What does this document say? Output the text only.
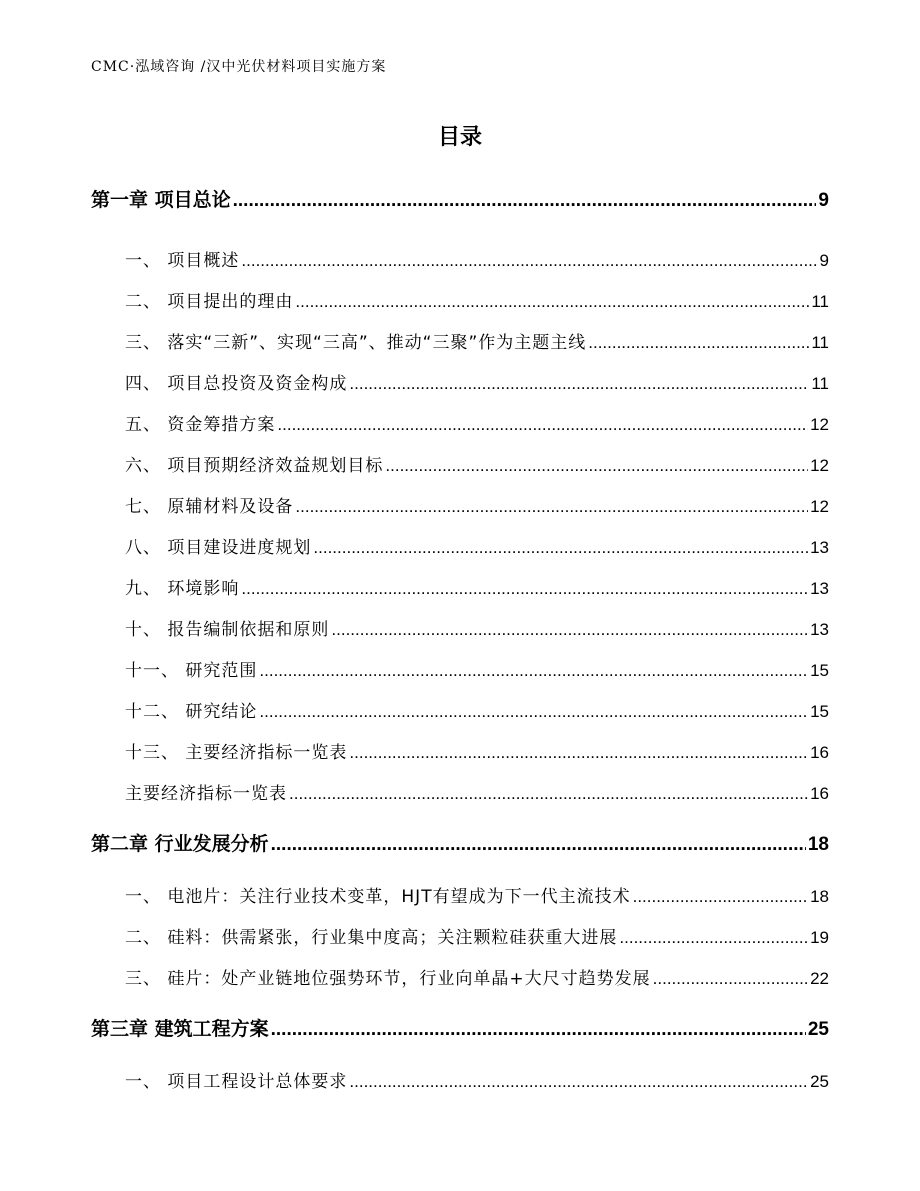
CMC·泓域咨询 /汉中光伏材料项目实施方案
目录
第一章 项目总论 .....	9
一、 项目概述 .....	9
二、 项目提出的理由 .....	11
三、 落实“三新”、实现“三高”、推动“三聚”作为主题主线 .....	11
四、 项目总投资及资金构成 .....	11
五、 资金筹措方案 .....	12
六、 项目预期经济效益规划目标 .....	12
七、 原辅材料及设备 .....	12
八、 项目建设进度规划 .....	13
九、 环境影响 .....	13
十、 报告编制依据和原则 .....	13
十一、 研究范围 .....	15
十二、 研究结论 .....	15
十三、 主要经济指标一览表 .....	16
主要经济指标一览表 .....	16
第二章 行业发展分析 .....	18
一、 电池片：关注行业技术变革，HJT有望成为下一代主流技术 .....	18
二、 硅料：供需紧张，行业集中度高；关注颗粒硅获重大进展 .....	19
三、 硅片：处产业链地位强势环节，行业向单晶+大尺寸趋势发展 .....	22
第三章 建筑工程方案 .....	25
一、 项目工程设计总体要求 .....	25
